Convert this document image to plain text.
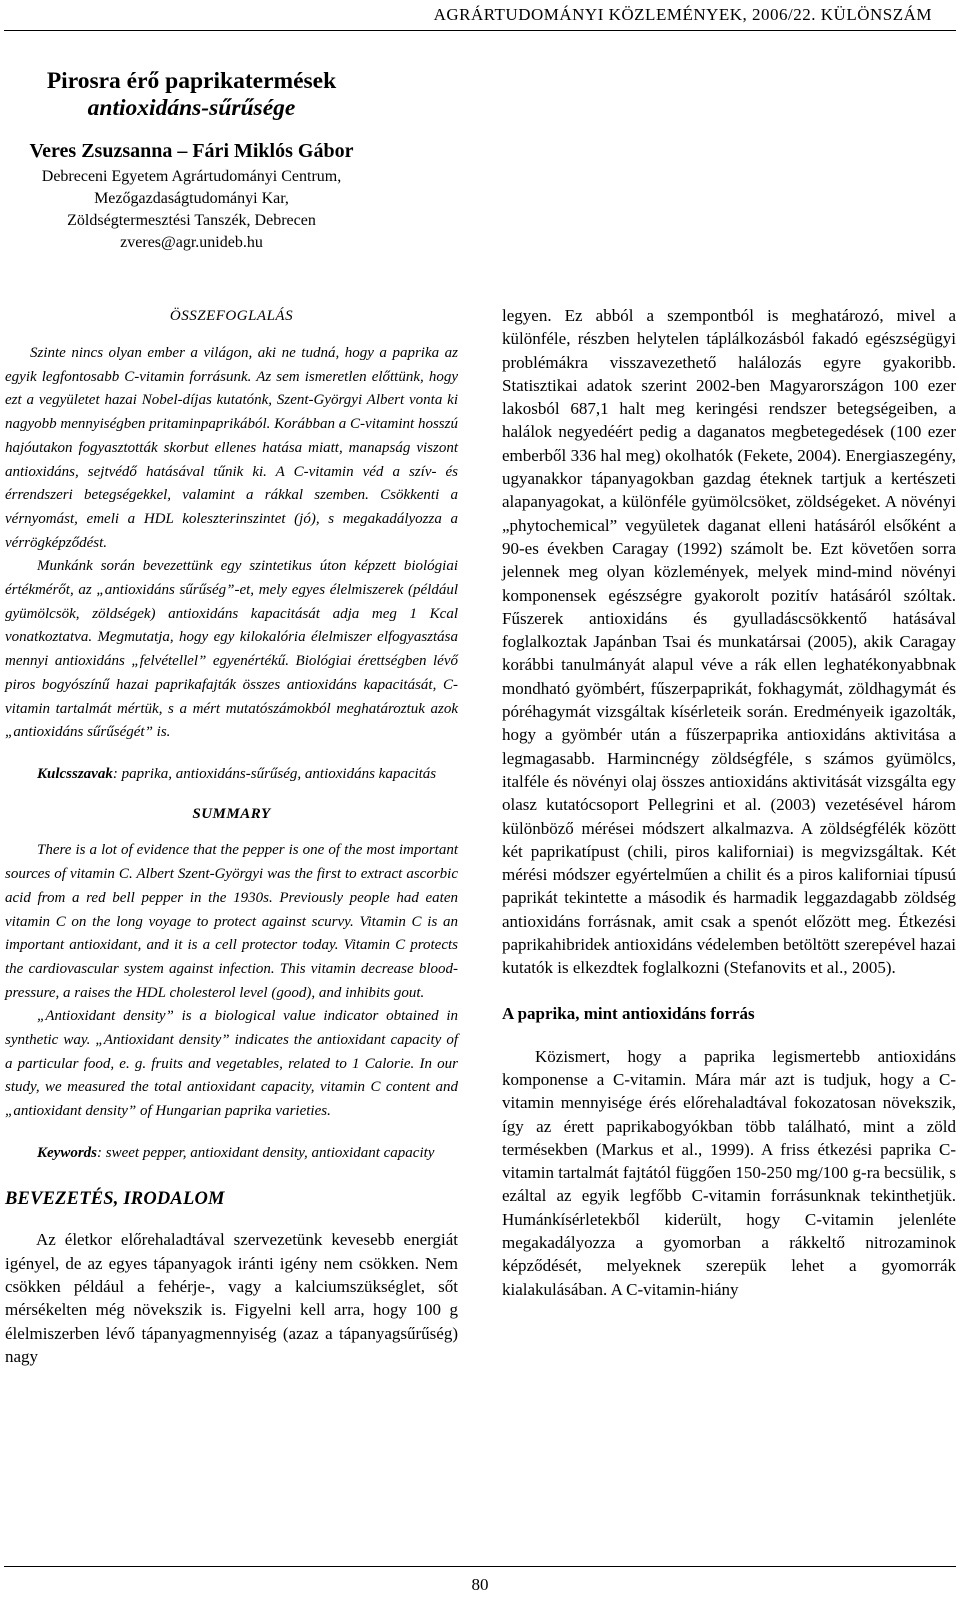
AGRÁRTUDOMÁNYI KÖZLEMÉNYEK, 2006/22. KÜLÖNSZÁM
Pirosra érő paprikatermések
antioxidáns-sűrűsége
Veres Zsuzsanna – Fári Miklós Gábor
Debreceni Egyetem Agrártudományi Centrum,
Mezőgazdaságtudományi Kar,
Zöldségtermesztési Tanszék, Debrecen
zveres@agr.unideb.hu
ÖSSZEFOGLALÁS

Szinte nincs olyan ember a világon, aki ne tudná, hogy a paprika az egyik legfontosabb C-vitamin forrásunk. Az sem ismeretlen előttünk, hogy ezt a vegyületet hazai Nobel-díjas kutatónk, Szent-Györgyi Albert vonta ki nagyobb mennyiségben pritaminpaprikából. Korábban a C-vitamint hosszú hajóutakon fogyasztották skorbut ellenes hatása miatt, manapság viszont antioxidáns, sejtvédő hatásával tűnik ki. A C-vitamin véd a szív- és érrendszeri betegségekkel, valamint a rákkal szemben. Csökkenti a vérnyomást, emeli a HDL koleszterinszintet (jó), s megakadályozza a vérrögképződést.

Munkánk során bevezettünk egy szintetikus úton képzett biológiai értékmérőt, az „antioxidáns sűrűség”-et, mely egyes élelmiszerek (például gyümölcsök, zöldségek) antioxidáns kapacitását adja meg 1 Kcal vonatkoztatva. Megmutatja, hogy egy kilokalória élelmiszer elfogyasztása mennyi antioxidáns „felvétellel” egyenértékű. Biológiai érettségben lévő piros bogyószínű hazai paprikafajták összes antioxidáns kapacitását, C-vitamin tartalmát mértük, s a mért mutatószámokból meghatároztuk azok „antioxidáns sűrűségét” is.

Kulcsszavak: paprika, antioxidáns-sűrűség, antioxidáns kapacitás
SUMMARY

There is a lot of evidence that the pepper is one of the most important sources of vitamin C. Albert Szent-Györgyi was the first to extract ascorbic acid from a red bell pepper in the 1930s. Previously people had eaten vitamin C on the long voyage to protect against scurvy. Vitamin C is an important antioxidant, and it is a cell protector today. Vitamin C protects the cardiovascular system against infection. This vitamin decrease blood-pressure, a raises the HDL cholesterol level (good), and inhibits gout.

„Antioxidant density” is a biological value indicator obtained in synthetic way. „Antioxidant density” indicates the antioxidant capacity of a particular food, e. g. fruits and vegetables, related to 1 Calorie. In our study, we measured the total antioxidant capacity, vitamin C content and „antioxidant density” of Hungarian paprika varieties.

Keywords: sweet pepper, antioxidant density, antioxidant capacity
BEVEZETÉS, IRODALOM

Az életkor előrehaladtával szervezetünk kevesebb energiát igényel, de az egyes tápanyagok iránti igény nem csökken. Nem csökken például a fehérje-, vagy a kalciumszükséglet, sőt mérsékelten még növekszik is. Figyelni kell arra, hogy 100 g élelmiszerben lévő tápanyagmennyiség (azaz a tápanyagsűrűség) nagy

legyen. Ez abból a szempontból is meghatározó, mivel a különféle, részben helytelen táplálkozásból fakadó egészségügyi problémákra visszavezethető halálozás egyre gyakoribb. Statisztikai adatok szerint 2002-ben Magyarországon 100 ezer lakosból 687,1 halt meg keringési rendszer betegségeiben, a halálok negyedéért pedig a daganatos megbetegedések (100 ezer emberből 336 hal meg) okolhatók (Fekete, 2004). Energiaszegény, ugyanakkor tápanyagokban gazdag éteknek tartjuk a kertészeti alapanyagokat, a különféle gyümölcsöket, zöldségeket. A növényi „phytochemical” vegyületek daganat elleni hatásáról elsőként a 90-es években Caragay (1992) számolt be. Ezt követően sorra jelennek meg olyan közlemények, melyek mind-mind növényi komponensek egészségre gyakorolt pozitív hatásáról szóltak. Fűszerek antioxidáns és gyulladáscsökkentő hatásával foglalkoztak Japánban Tsai és munkatársai (2005), akik Caragay korábbi tanulmányát alapul véve a rák ellen leghatékonyabbnak mondható gyömbért, fűszerpaprikát, fokhagymát, zöldhagymát és póréhagymát vizsgáltak kísérleteik során. Eredményeik igazolták, hogy a gyömbér után a fűszerpaprika antioxidáns aktivitása a legmagasabb. Harmincnégy zöldségféle, s számos gyümölcs, italféle és növényi olaj összes antioxidáns aktivitását vizsgálta egy olasz kutatócsoport Pellegrini et al. (2003) vezetésével három különböző mérései módszert alkalmazva. A zöldségfélék között két paprikatípust (chili, piros kaliforniai) is megvizsgáltak. Két mérési módszer egyértelműen a chilit és a piros kaliforniai típusú paprikát tekintette a második és harmadik leggazdagabb zöldség antioxidáns forrásnak, amit csak a spenót előzött meg. Étkezési paprikahibridek antioxidáns védelemben betöltött szerepével hazai kutatók is elkezdtek foglalkozni (Stefanovits et al., 2005).

A paprika, mint antioxidáns forrás

Közismert, hogy a paprika legismertebb antioxidáns komponense a C-vitamin. Mára már azt is tudjuk, hogy a C-vitamin mennyisége érés előrehaladtával fokozatosan növekszik, így az érett paprikabogyókban több található, mint a zöld termésekben (Markus et al., 1999). A friss étkezési paprika C-vitamin tartalmát fajtától függően 150-250 mg/100 g-ra becsülik, s ezáltal az egyik legfőbb C-vitamin forrásunknak tekinthetjük. Humánkísérletekből kiderült, hogy C-vitamin jelenléte megakadályozza a gyomorban a rákkeltő nitrozaminok képződését, melyeknek szerepük lehet a gyomorrák kialakulásában. A C-vitamin-hiány

80
